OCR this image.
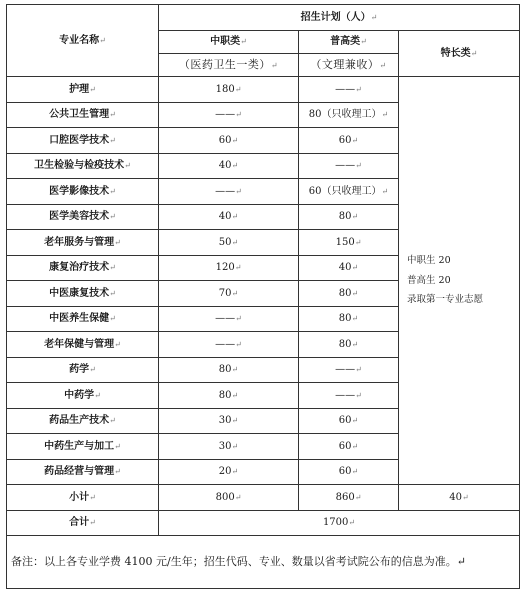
专业名称↵	招生计划（人）↵		
	中职类↵	普高类↵	特长类↵
	（医药卫生一类）↵	（文理兼收）↵	
护理↵	180↵	——↵	中职生 20
普高生 20
录取第一专业志愿

公共卫生管理↵	——↵	80（只收理工）↵	
口腔医学技术↵	60↵	60↵	
卫生检验与检疫技术↵	40↵	——↵	
医学影像技术↵	——↵	60（只收理工）↵	
医学美容技术↵	40↵	80↵	
老年服务与管理↵	50↵	150↵	
康复治疗技术↵	120↵	40↵	
中医康复技术↵	70↵	80↵	
中医养生保健↵	——↵	80↵	
老年保健与管理↵	——↵	80↵	
药学↵	80↵	——↵	
中药学↵	80↵	——↵	
药品生产技术↵	30↵	60↵	
中药生产与加工↵	30↵	60↵	
药品经营与管理↵	20↵	60↵	
小计↵	800↵	860↵	40↵
合计↵	1700↵		
备注：以上各专业学费 4100 元/生年；招生代码、专业、数量以省考试院公布的信息为准。↵			
